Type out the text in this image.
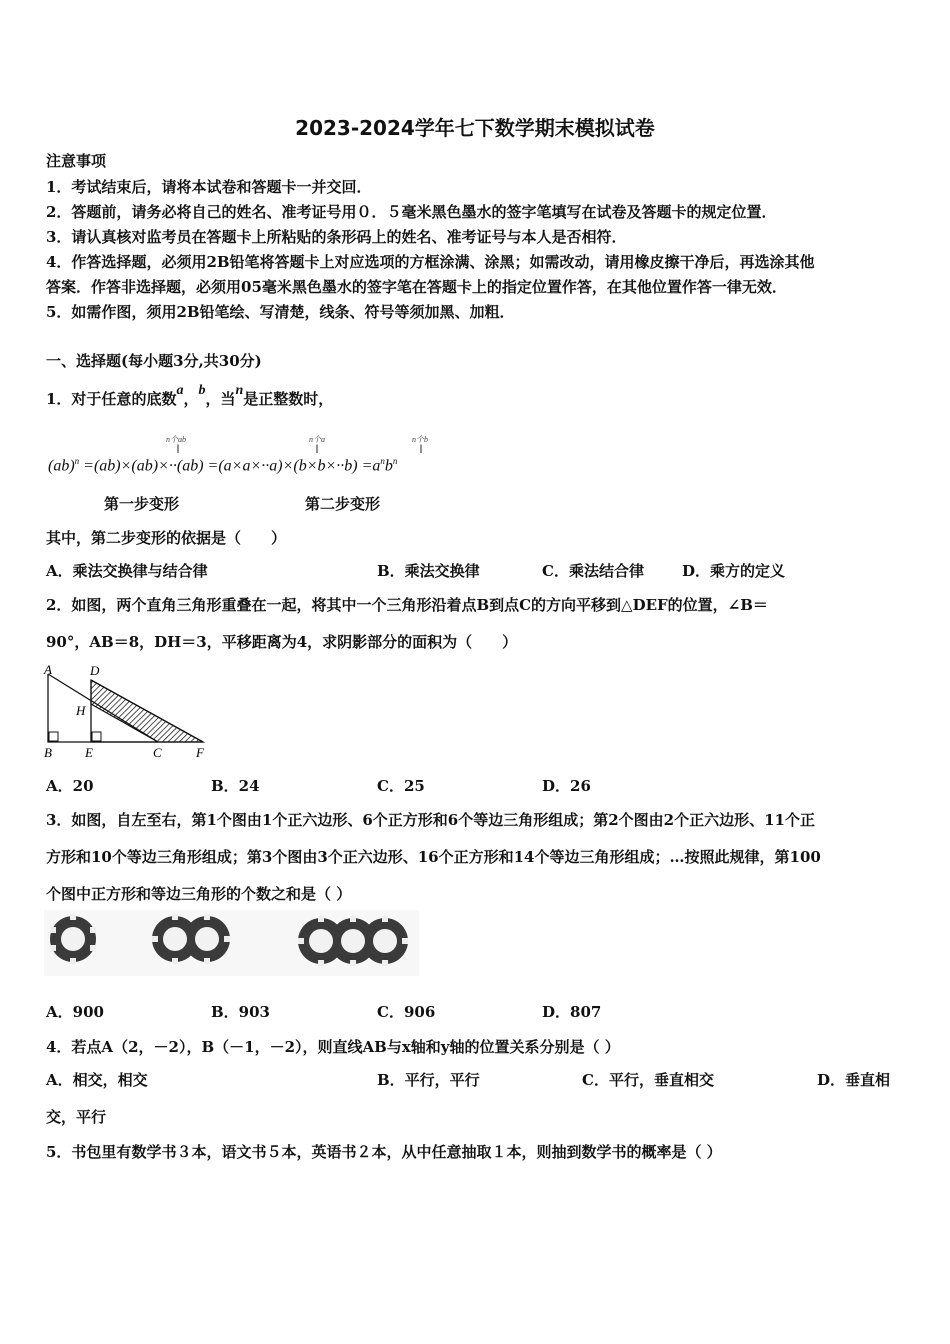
2023-2024学年七下数学期末模拟试卷
注意事项
1．考试结束后，请将本试卷和答题卡一并交回．
2．答题前，请务必将自己的姓名、准考证号用０．５毫米黑色墨水的签字笔填写在试卷及答题卡的规定位置．
3．请认真核对监考员在答题卡上所粘贴的条形码上的姓名、准考证号与本人是否相符．
4．作答选择题，必须用2B铅笔将答题卡上对应选项的方框涂满、涂黑；如需改动，请用橡皮擦干净后，再选涂其他
答案．作答非选择题，必须用05毫米黑色墨水的签字笔在答题卡上的指定位置作答，在其他位置作答一律无效．
5．如需作图，须用2B铅笔绘、写清楚，线条、符号等须加黑、加粗．
一、选择题(每小题3分,共30分)
1．对于任意的底数a，b，当n是正整数时，
n个ab	n个a	n个b
‖	‖	‖
$(ab)^n =(ab)\times(ab)\times\cdot\cdot(ab) =(a\times a\times\cdot\cdot a)\times(b\times b\times\cdot\cdot b) =a^nb^n$
第一步变形	第二步变形
其中，第二步变形的依据是（　　）
A．乘法交换律与结合律	B．乘法交换律	C．乘法结合律	D．乘方的定义
2．如图，两个直角三角形重叠在一起，将其中一个三角形沿着点B到点C的方向平移到△DEF的位置，∠B＝
90°，AB＝8，DH＝3，平移距离为4，求阴影部分的面积为（　　）
A	D
H
B	E	C	F
A．20	B．24	C．25	D．26
3．如图，自左至右，第1个图由1个正六边形、6个正方形和6个等边三角形组成；第2个图由2个正六边形、11个正
方形和10个等边三角形组成；第3个图由3个正六边形、16个正方形和14个等边三角形组成；…按照此规律，第100
个图中正方形和等边三角形的个数之和是（ ）
A．900	B．903	C．906	D．807
4．若点A（2，－2），B（－1，－2），则直线AB与x轴和y轴的位置关系分别是（ ）
A．相交，相交	B．平行，平行	C．平行，垂直相交	D．垂直相
交，平行
5．书包里有数学书３本，语文书５本，英语书２本，从中任意抽取１本，则抽到数学书的概率是（ ）
